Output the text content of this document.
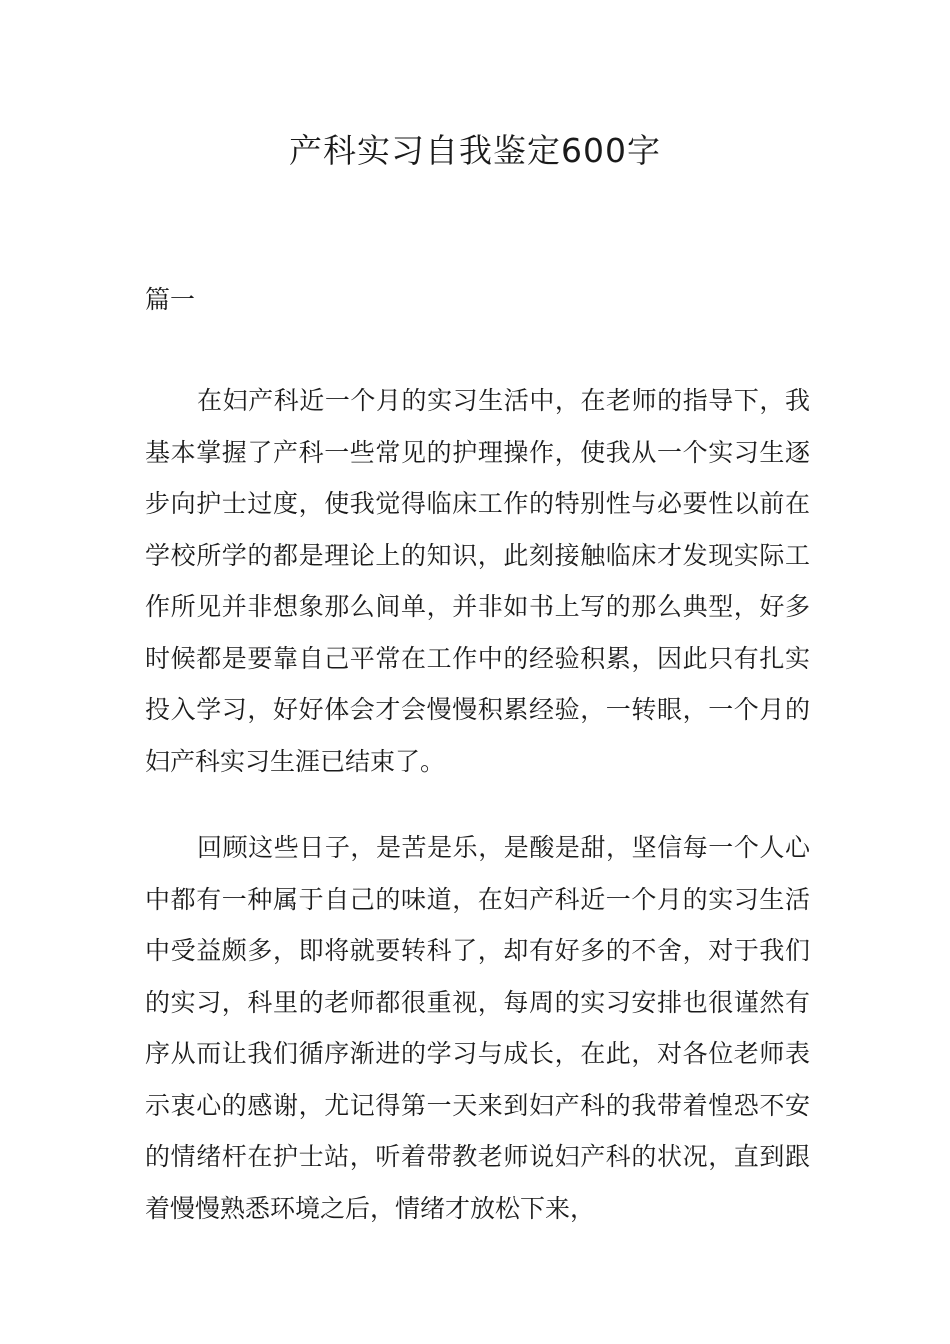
产科实习自我鉴定600字

篇一

在妇产科近一个月的实习生活中，在老师的指导下，我基本掌握了产科一些常见的护理操作，使我从一个实习生逐步向护士过度，使我觉得临床工作的特别性与必要性以前在学校所学的都是理论上的知识，此刻接触临床才发现实际工作所见并非想象那么间单，并非如书上写的那么典型，好多时候都是要靠自己平常在工作中的经验积累，因此只有扎实投入学习，好好体会才会慢慢积累经验，一转眼，一个月的妇产科实习生涯已结束了。

回顾这些日子，是苦是乐，是酸是甜，坚信每一个人心中都有一种属于自己的味道，在妇产科近一个月的实习生活中受益颇多，即将就要转科了，却有好多的不舍，对于我们的实习，科里的老师都很重视，每周的实习安排也很谨然有序从而让我们循序渐进的学习与成长，在此，对各位老师表示衷心的感谢，尤记得第一天来到妇产科的我带着惶恐不安的情绪杆在护士站，听着带教老师说妇产科的状况，直到跟着慢慢熟悉环境之后，情绪才放松下来，
